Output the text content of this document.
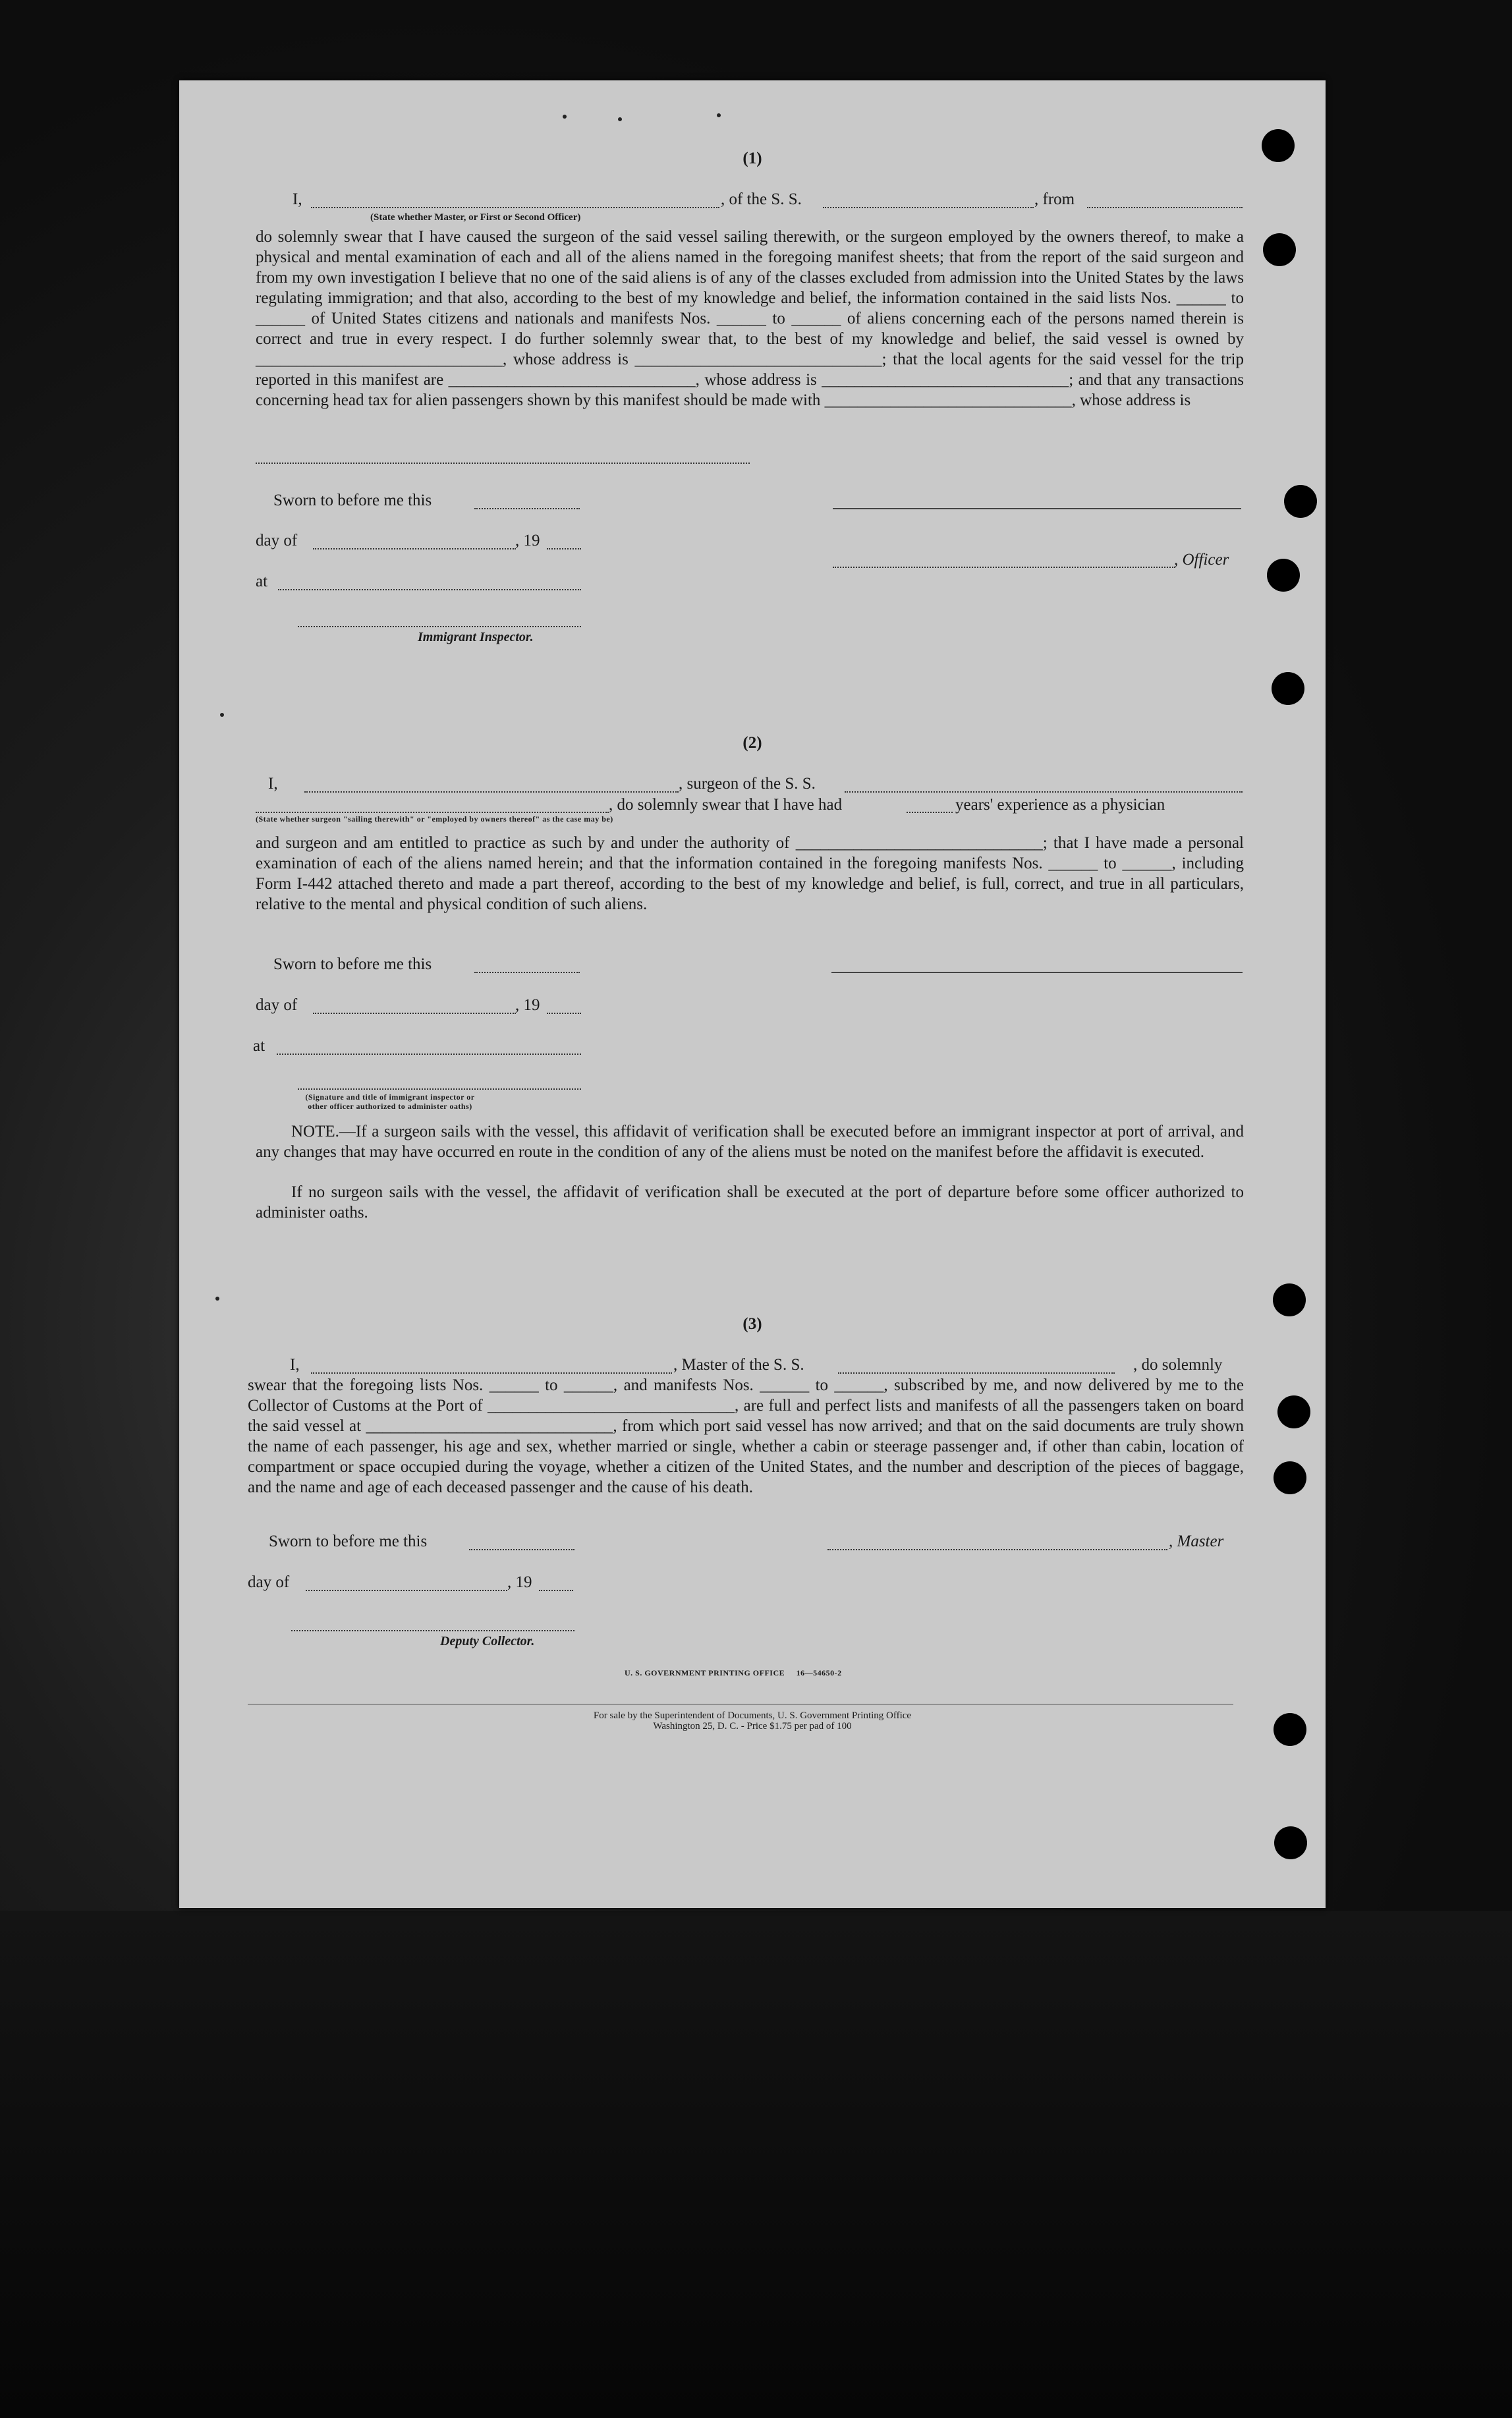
(1)
I,	, of the S. S.	, from
(State whether Master, or First or Second Officer)
do solemnly swear that I have caused the surgeon of the said vessel sailing therewith, or the surgeon employed by the owners thereof, to make a physical and mental examination of each and all of the aliens named in the foregoing manifest sheets; that from the report of the said surgeon and from my own investigation I believe that no one of the said aliens is of any of the classes excluded from admission into the United States by the laws regulating immigration; and that also, according to the best of my knowledge and belief, the information contained in the said lists Nos. ______ to ______ of United States citizens and nationals and manifests Nos. ______ to ______ of aliens concerning each of the persons named therein is correct and true in every respect. I do further solemnly swear that, to the best of my knowledge and belief, the said vessel is owned by ______________________________, whose address is ______________________________; that the local agents for the said vessel for the trip reported in this manifest are ______________________________, whose address is ______________________________; and that any transactions concerning head tax for alien passengers shown by this manifest should be made with ______________________________, whose address is
Sworn to before me this
day of	, 19
, Officer
at
Immigrant Inspector.
(2)
I,	, surgeon of the S. S.
, do solemnly swear that I have had	years' experience as a physician
(State whether surgeon "sailing therewith" or "employed by owners thereof" as the case may be)
and surgeon and am entitled to practice as such by and under the authority of ______________________________; that I have made a personal examination of each of the aliens named herein; and that the information contained in the foregoing manifests Nos. ______ to ______, including Form I-442 attached thereto and made a part thereof, according to the best of my knowledge and belief, is full, correct, and true in all particulars, relative to the mental and physical condition of such aliens.
Sworn to before me this
day of	, 19
at
(Signature and title of immigrant inspector or other officer authorized to administer oaths)
NOTE.—If a surgeon sails with the vessel, this affidavit of verification shall be executed before an immigrant inspector at port of arrival, and any changes that may have occurred en route in the condition of any of the aliens must be noted on the manifest before the affidavit is executed.
If no surgeon sails with the vessel, the affidavit of verification shall be executed at the port of departure before some officer authorized to administer oaths.
(3)
I,	, Master of the S. S.	, do solemnly
swear that the foregoing lists Nos. ______ to ______, and manifests Nos. ______ to ______, subscribed by me, and now delivered by me to the Collector of Customs at the Port of ______________________________, are full and perfect lists and manifests of all the passengers taken on board the said vessel at ______________________________, from which port said vessel has now arrived; and that on the said documents are truly shown the name of each passenger, his age and sex, whether married or single, whether a cabin or steerage passenger and, if other than cabin, location of compartment or space occupied during the voyage, whether a citizen of the United States, and the number and description of the pieces of baggage, and the name and age of each deceased passenger and the cause of his death.
Sworn to before me this	, Master
day of	, 19
Deputy Collector.
U. S. GOVERNMENT PRINTING OFFICE     16—54650-2
For sale by the Superintendent of Documents, U. S. Government Printing Office
Washington 25, D. C. - Price $1.75 per pad of 100
